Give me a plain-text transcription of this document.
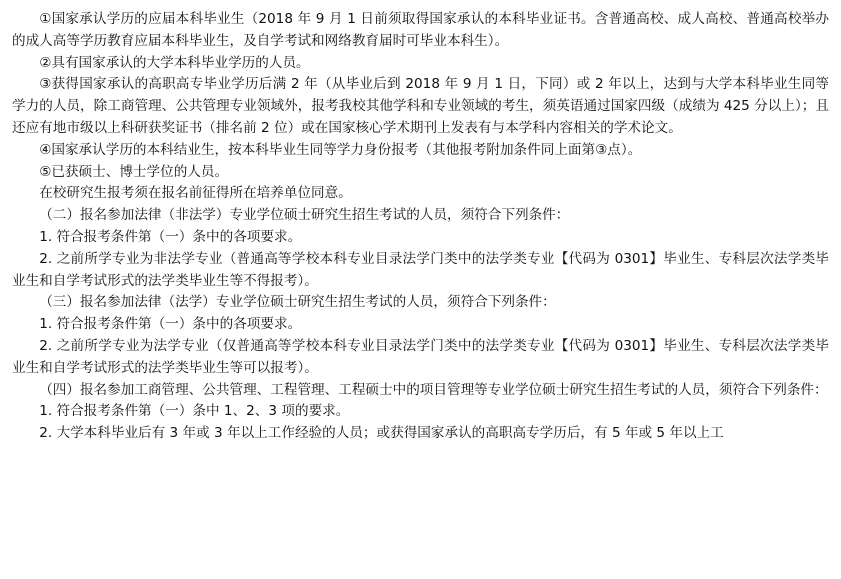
①国家承认学历的应届本科毕业生（2018 年 9 月 1 日前须取得国家承认的本科毕业证书。含普通高校、成人高校、普通高校举办的成人高等学历教育应届本科毕业生，及自学考试和网络教育届时可毕业本科生）。

②具有国家承认的大学本科毕业学历的人员。

③获得国家承认的高职高专毕业学历后满 2 年（从毕业后到 2018 年 9 月 1 日，下同）或 2 年以上，达到与大学本科毕业生同等学力的人员，除工商管理、公共管理专业领域外，报考我校其他学科和专业领域的考生，须英语通过国家四级（成绩为 425 分以上）；且还应有地市级以上科研获奖证书（排名前 2 位）或在国家核心学术期刊上发表有与本学科内容相关的学术论文。

④国家承认学历的本科结业生，按本科毕业生同等学力身份报考（其他报考附加条件同上面第③点）。

⑤已获硕士、博士学位的人员。

在校研究生报考须在报名前征得所在培养单位同意。

（二）报名参加法律（非法学）专业学位硕士研究生招生考试的人员，须符合下列条件：

1. 符合报考条件第（一）条中的各项要求。

2. 之前所学专业为非法学专业（普通高等学校本科专业目录法学门类中的法学类专业【代码为 0301】毕业生、专科层次法学类毕业生和自学考试形式的法学类毕业生等不得报考）。

（三）报名参加法律（法学）专业学位硕士研究生招生考试的人员，须符合下列条件：

1. 符合报考条件第（一）条中的各项要求。

2. 之前所学专业为法学专业（仅普通高等学校本科专业目录法学门类中的法学类专业【代码为 0301】毕业生、专科层次法学类毕业生和自学考试形式的法学类毕业生等可以报考）。

（四）报名参加工商管理、公共管理、工程管理、工程硕士中的项目管理等专业学位硕士研究生招生考试的人员，须符合下列条件：

1. 符合报考条件第（一）条中 1、2、3 项的要求。

2. 大学本科毕业后有 3 年或 3 年以上工作经验的人员；或获得国家承认的高职高专学历后，有 5 年或 5 年以上工
